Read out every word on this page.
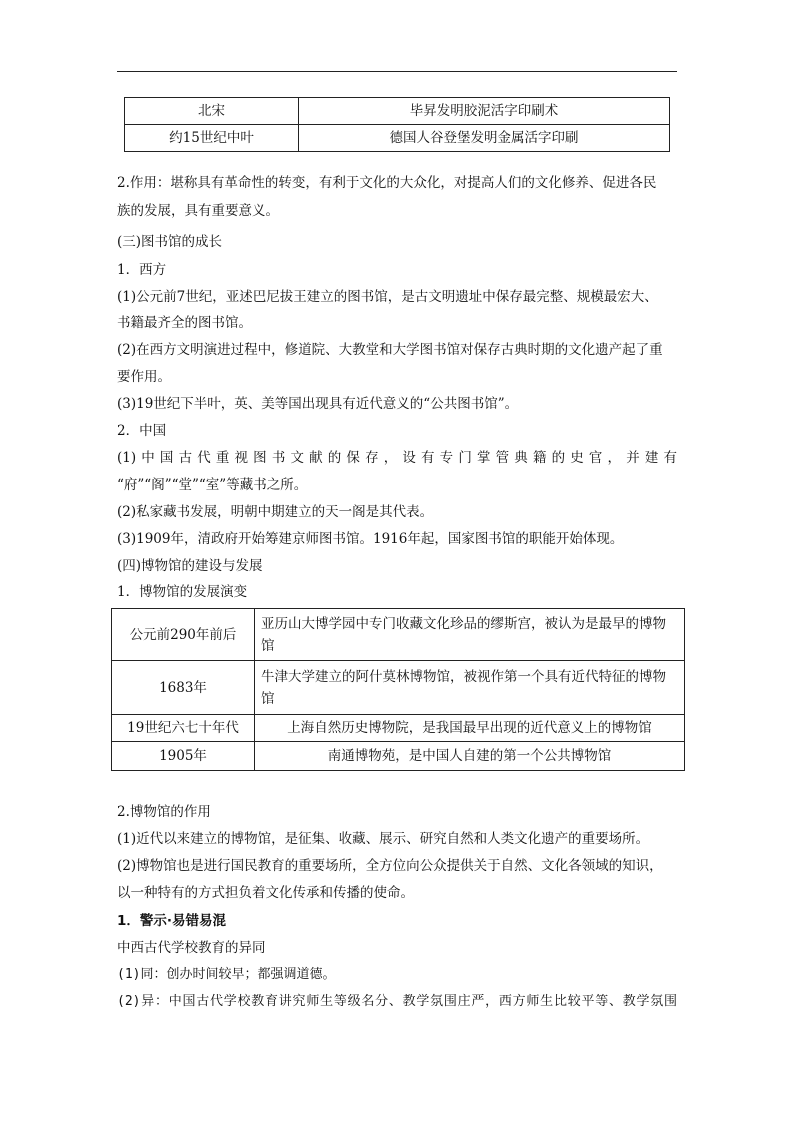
北宋	毕昇发明胶泥活字印刷术
约15世纪中叶	德国人谷登堡发明金属活字印刷
2.作用：堪称具有革命性的转变，有利于文化的大众化，对提高人们的文化修养、促进各民
族的发展，具有重要意义。
(三)图书馆的成长
1．西方
(1)公元前7世纪，亚述巴尼拔王建立的图书馆，是古文明遗址中保存最完整、规模最宏大、
书籍最齐全的图书馆。
(2)在西方文明演进过程中，修道院、大教堂和大学图书馆对保存古典时期的文化遗产起了重
要作用。
(3)19世纪下半叶，英、美等国出现具有近代意义的“公共图书馆”。
2．中国
(1)中国古代重视图书文献的保存，设有专门掌管典籍的史官，并建有
“府”“阁”“堂”“室”等藏书之所。
(2)私家藏书发展，明朝中期建立的天一阁是其代表。
(3)1909年，清政府开始筹建京师图书馆。1916年起，国家图书馆的职能开始体现。
(四)博物馆的建设与发展
1．博物馆的发展演变
公元前290年前后	亚历山大博学园中专门收藏文化珍品的缪斯宫，被认为是最早的博物
馆

1683年	牛津大学建立的阿什莫林博物馆，被视作第一个具有近代特征的博物
馆

19世纪六七十年代	上海自然历史博物院，是我国最早出现的近代意义上的博物馆
1905年	南通博物苑，是中国人自建的第一个公共博物馆
2.博物馆的作用
(1)近代以来建立的博物馆，是征集、收藏、展示、研究自然和人类文化遗产的重要场所。
(2)博物馆也是进行国民教育的重要场所，全方位向公众提供关于自然、文化各领域的知识，
以一种特有的方式担负着文化传承和传播的使命。
1．警示·易错易混
中西古代学校教育的异同
(1)同：创办时间较早；都强调道德。
(2)异：中国古代学校教育讲究师生等级名分、教学氛围庄严，西方师生比较平等、教学氛围
